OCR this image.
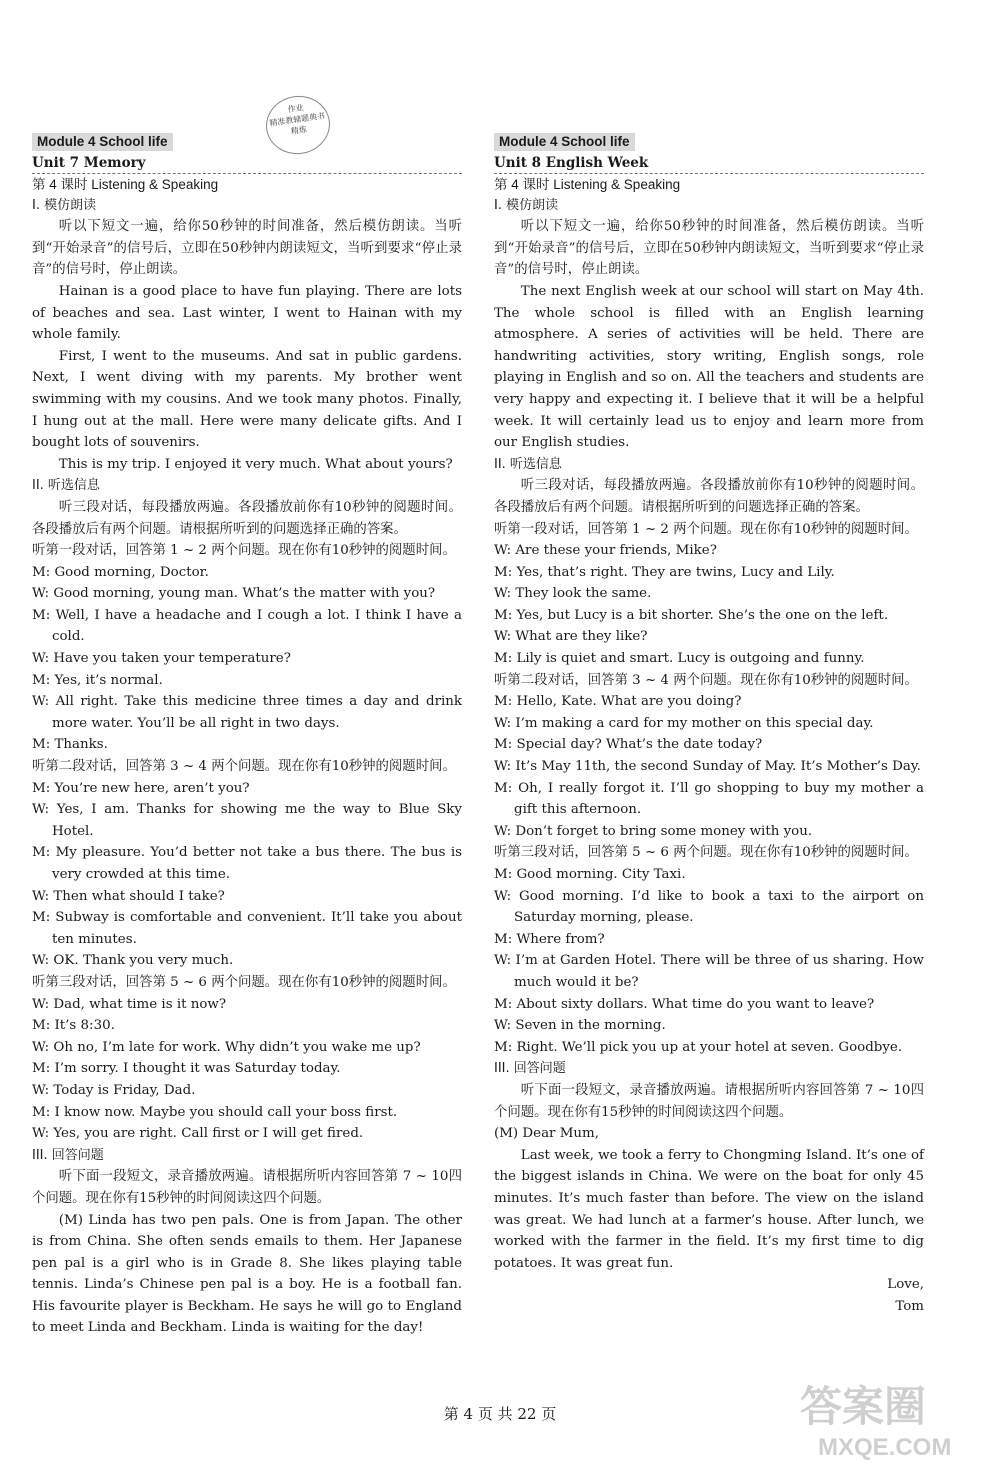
作业
精准教辅题典书
精炼
Module 4 School life
Unit 7 Memory
第 4 课时 Listening & Speaking
I. 模仿朗读

听以下短文一遍，给你50秒钟的时间准备，然后模仿朗读。当听到“开始录音”的信号后，立即在50秒钟内朗读短文，当听到要求“停止录音”的信号时，停止朗读。

Hainan is a good place to have fun playing. There are lots of beaches and sea. Last winter, I went to Hainan with my whole family.

First, I went to the museums. And sat in public gardens. Next, I went diving with my parents. My brother went swimming with my cousins. And we took many photos. Finally, I hung out at the mall. Here were many delicate gifts. And I bought lots of souvenirs.

This is my trip. I enjoyed it very much. What about yours?

II. 听选信息

听三段对话，每段播放两遍。各段播放前你有10秒钟的阅题时间。各段播放后有两个问题。请根据所听到的问题选择正确的答案。

听第一段对话，回答第 1 ~ 2 两个问题。现在你有10秒钟的阅题时间。

M: Good morning, Doctor.

W: Good morning, young man. What’s the matter with you?

M: Well, I have a headache and I cough a lot. I think I have a cold.

W: Have you taken your temperature?

M: Yes, it’s normal.

W: All right. Take this medicine three times a day and drink more water. You’ll be all right in two days.

M: Thanks.

听第二段对话，回答第 3 ~ 4 两个问题。现在你有10秒钟的阅题时间。

M: You’re new here, aren’t you?

W: Yes, I am. Thanks for showing me the way to Blue Sky Hotel.

M: My pleasure. You’d better not take a bus there. The bus is very crowded at this time.

W: Then what should I take?

M: Subway is comfortable and convenient. It’ll take you about ten minutes.

W: OK. Thank you very much.

听第三段对话，回答第 5 ~ 6 两个问题。现在你有10秒钟的阅题时间。

W: Dad, what time is it now?

M: It’s 8:30.

W: Oh no, I’m late for work. Why didn’t you wake me up?

M: I’m sorry. I thought it was Saturday today.

W: Today is Friday, Dad.

M: I know now. Maybe you should call your boss first.

W: Yes, you are right. Call first or I will get fired.

III. 回答问题

听下面一段短文，录音播放两遍。请根据所听内容回答第 7 ~ 10四个问题。现在你有15秒钟的时间阅读这四个问题。

(M) Linda has two pen pals. One is from Japan. The other is from China. She often sends emails to them. Her Japanese pen pal is a girl who is in Grade 8. She likes playing table tennis. Linda’s Chinese pen pal is a boy. He is a football fan. His favourite player is Beckham. He says he will go to England to meet Linda and Beckham. Linda is waiting for the day!

Module 4 School life
Unit 8 English Week
第 4 课时 Listening & Speaking
I. 模仿朗读

听以下短文一遍，给你50秒钟的时间准备，然后模仿朗读。当听到“开始录音”的信号后，立即在50秒钟内朗读短文，当听到要求“停止录音”的信号时，停止朗读。

The next English week at our school will start on May 4th. The whole school is filled with an English learning atmosphere. A series of activities will be held. There are handwriting activities, story writing, English songs, role playing in English and so on. All the teachers and students are very happy and expecting it. I believe that it will be a helpful week. It will certainly lead us to enjoy and learn more from our English studies.

II. 听选信息

听三段对话，每段播放两遍。各段播放前你有10秒钟的阅题时间。各段播放后有两个问题。请根据所听到的问题选择正确的答案。

听第一段对话，回答第 1 ~ 2 两个问题。现在你有10秒钟的阅题时间。

W: Are these your friends, Mike?

M: Yes, that’s right. They are twins, Lucy and Lily.

W: They look the same.

M: Yes, but Lucy is a bit shorter. She’s the one on the left.

W: What are they like?

M: Lily is quiet and smart. Lucy is outgoing and funny.

听第二段对话，回答第 3 ~ 4 两个问题。现在你有10秒钟的阅题时间。

M: Hello, Kate. What are you doing?

W: I’m making a card for my mother on this special day.

M: Special day? What’s the date today?

W: It’s May 11th, the second Sunday of May. It’s Mother’s Day.

M: Oh, I really forgot it. I’ll go shopping to buy my mother a gift this afternoon.

W: Don’t forget to bring some money with you.

听第三段对话，回答第 5 ~ 6 两个问题。现在你有10秒钟的阅题时间。

M: Good morning. City Taxi.

W: Good morning. I’d like to book a taxi to the airport on Saturday morning, please.

M: Where from?

W: I’m at Garden Hotel. There will be three of us sharing. How much would it be?

M: About sixty dollars. What time do you want to leave?

W: Seven in the morning.

M: Right. We’ll pick you up at your hotel at seven. Goodbye.

III. 回答问题

听下面一段短文，录音播放两遍。请根据所听内容回答第 7 ~ 10四个问题。现在你有15秒钟的时间阅读这四个问题。

(M) Dear Mum,

Last week, we took a ferry to Chongming Island. It’s one of the biggest islands in China. We were on the boat for only 45 minutes. It’s much faster than before. The view on the island was great. We had lunch at a farmer’s house. After lunch, we worked with the farmer in the field. It’s my first time to dig potatoes. It was great fun.

Love,

Tom

第 4 页 共 22 页	答案圈
MXQE.COM
